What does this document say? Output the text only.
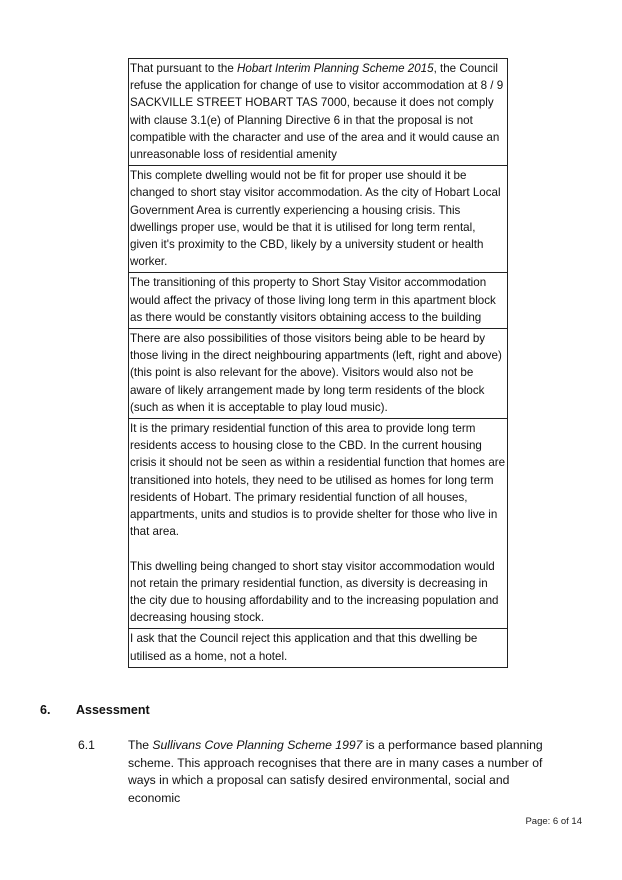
That pursuant to the Hobart Interim Planning Scheme 2015, the Council refuse the application for change of use to visitor accommodation at 8 / 9 SACKVILLE STREET HOBART TAS 7000, because it does not comply with clause 3.1(e) of Planning Directive 6 in that the proposal is not compatible with the character and use of the area and it would cause an unreasonable loss of residential amenity
This complete dwelling would not be fit for proper use should it be changed to short stay visitor accommodation. As the city of Hobart Local Government Area is currently experiencing a housing crisis. This dwellings proper use, would be that it is utilised for long term rental, given it's proximity to the CBD, likely by a university student or health worker.
The transitioning of this property to Short Stay Visitor accommodation would affect the privacy of those living long term in this apartment block as there would be constantly visitors obtaining access to the building
There are also possibilities of those visitors being able to be heard by those living in the direct neighbouring appartments (left, right and above) (this point is also relevant for the above). Visitors would also not be aware of likely arrangement made by long term residents of the block (such as when it is acceptable to play loud music).

It is the primary residential function of this area to provide long term residents access to housing close to the CBD. In the current housing crisis it should not be seen as within a residential function that homes are transitioned into hotels, they need to be utilised as homes for long term residents of Hobart. The primary residential function of all houses, appartments, units and studios is to provide shelter for those who live in that area.
This dwelling being changed to short stay visitor accommodation would not retain the primary residential function, as diversity is decreasing in the city due to housing affordability and to the increasing population and decreasing housing stock.

I ask that the Council reject this application and that this dwelling be utilised as a home, not a hotel.
6. Assessment
6.1	The Sullivans Cove Planning Scheme 1997 is a performance based planning scheme. This approach recognises that there are in many cases a number of ways in which a proposal can satisfy desired environmental, social and economic
Page: 6 of 14
